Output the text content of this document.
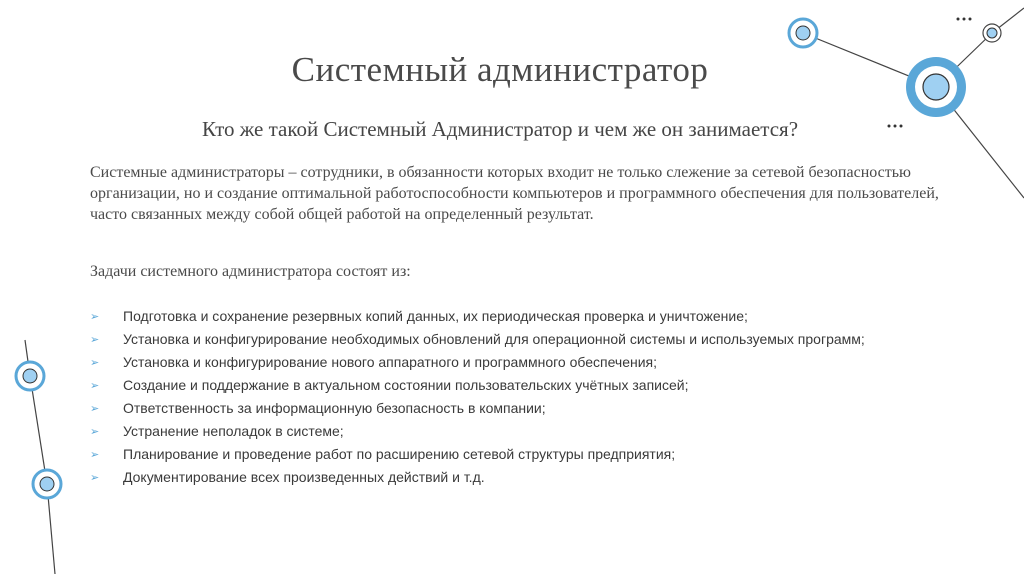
Системный администратор
Кто же такой Системный Администратор и чем же он занимается?
Системные администраторы – сотрудники, в обязанности которых входит не только слежение за сетевой безопасностью организации, но и создание оптимальной работоспособности компьютеров и программного обеспечения для пользователей, часто связанных между собой общей работой на определенный результат.
Задачи системного администратора состоят из:
➢ Подготовка и сохранение резервных копий данных, их периодическая проверка и уничтожение;
➢ Установка и конфигурирование необходимых обновлений для операционной системы и используемых программ;
➢ Установка и конфигурирование нового аппаратного и программного обеспечения;
➢ Создание и поддержание в актуальном состоянии пользовательских учётных записей;
➢ Ответственность за информационную безопасность в компании;
➢ Устранение неполадок в системе;
➢ Планирование и проведение работ по расширению сетевой структуры предприятия;
➢ Документирование всех произведенных действий и т.д.
